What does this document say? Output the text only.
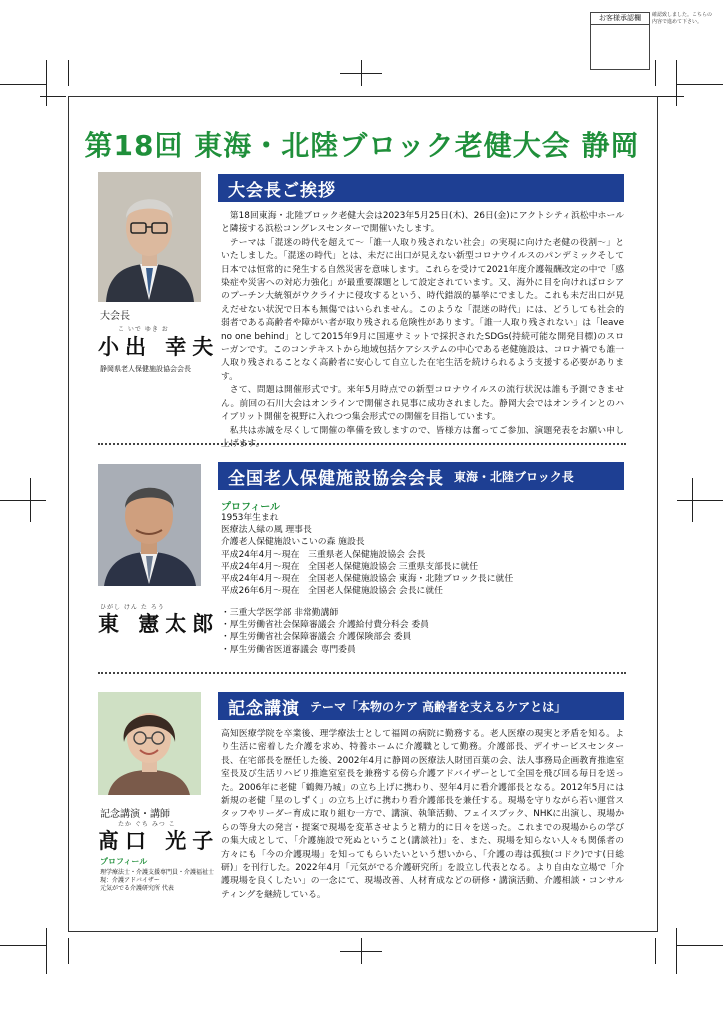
お客様承認欄	確認致しました。こちらの内容で進めて下さい。
第18回 東海・北陸ブロック老健大会 静岡
大会長ご挨拶
大会長
こ いで ゆき お
小出 幸夫
静岡県老人保健施設協会会長

第18回東海・北陸ブロック老健大会は2023年5月25日(木)、26日(金)にアクトシティ浜松中ホールと隣接する浜松コングレスセンターで開催いたします。

テーマは「混迷の時代を超えて〜「誰一人取り残されない社会」の実現に向けた老健の役割〜」といたしました。「混迷の時代」とは、未だに出口が見えない新型コロナウイルスのパンデミックそして日本では恒常的に発生する自然災害を意味します。これらを受けて2021年度介護報酬改定の中で「感染症や災害への対応力強化」が最重要課題として設定されています。又、海外に目を向ければロシアのプーチン大統領がウクライナに侵攻するという、時代錯誤的暴挙にでました。これも未だ出口が見えだせない状況で日本も無傷ではいられません。このような「混迷の時代」には、どうしても社会的弱者である高齢者や障がい者が取り残される危険性があります。「誰一人取り残されない」は「leave no one behind」として2015年9月に国連サミットで採択されたSDGs(持続可能な開発目標)のスローガンです。このコンテキストから地域包括ケアシステムの中心である老健施設は、コロナ禍でも誰一人取り残されることなく高齢者に安心して自立した在宅生活を続けられるよう支援する必要があります。

さて、問題は開催形式です。来年5月時点での新型コロナウイルスの流行状況は誰も予測できません。前回の石川大会はオンラインで開催され見事に成功されました。静岡大会ではオンラインとのハイブリット開催を視野に入れつつ集会形式での開催を目指しています。

私共は赤誠を尽くして開催の準備を致しますので、皆様方は奮ってご参加、演題発表をお願い申し上げます。

全国老人保健施設協会会長 東海・北陸ブロック長
プロフィール
1953年生まれ
医療法人緑の風 理事長
介護老人保健施設いこいの森 施設長
平成24年4月〜現在　三重県老人保健施設協会 会長
平成24年4月〜現在　全国老人保健施設協会 三重県支部長に就任
平成24年4月〜現在　全国老人保健施設協会 東海・北陸ブロック長に就任
平成26年6月〜現在　全国老人保健施設協会 会長に就任
ひがし けん た ろう
東 憲太郎 ・三重大学医学部 非常勤講師
・厚生労働省社会保障審議会 介護給付費分科会 委員
・厚生労働省社会保障審議会 介護保険部会 委員
・厚生労働省医道審議会 専門委員
記念講演 テーマ「本物のケア 高齢者を支えるケアとは」

高知医療学院を卒業後、理学療法士として福岡の病院に勤務する。老人医療の現実と矛盾を知る。より生活に密着した介護を求め、特養ホームに介護職として勤務。介護部長、デイサービスセンター長、在宅部長を歴任した後、2002年4月に静岡の医療法人財団百葉の会、法人事務局企画教育推進室室長及び生活リハビリ推進室室長を兼務する傍ら介護アドバイザーとして全国を飛び回る毎日を送った。2006年に老健「鶴舞乃城」の立ち上げに携わり、翌年4月に看介護部長となる。2012年5月には新規の老健「星のしずく」の立ち上げに携わり看介護部長を兼任する。現場を守りながら若い運営スタッフやリーダー育成に取り組む一方で、講演、執筆活動、フェイスブック、NHKに出演し、現場からの等身大の発言・提案で現場を変革させようと精力的に日々を送った。これまでの現場からの学びの集大成として、「介護施設で死ぬということ(講談社)」を、また、現場を知らない人々も関係者の方々にも「今の介護現場」を知ってもらいたいという想いから、「介護の毒は孤独(コドク)です(日総研)」を刊行した。2022年4月「元気がでる介護研究所」を設立し代表となる。より自由な立場で「介護現場を良くしたい」の一念にて、現場改善、人材育成などの研修・講演活動、介護相談・コンサルティングを継続している。

記念講演・講師
たか ぐち みつ こ
髙口 光子
プロフィール
理学療法士・介護支援専門員・介護福祉士
現：介護アドバイザー
元気がでる介護研究所 代表
